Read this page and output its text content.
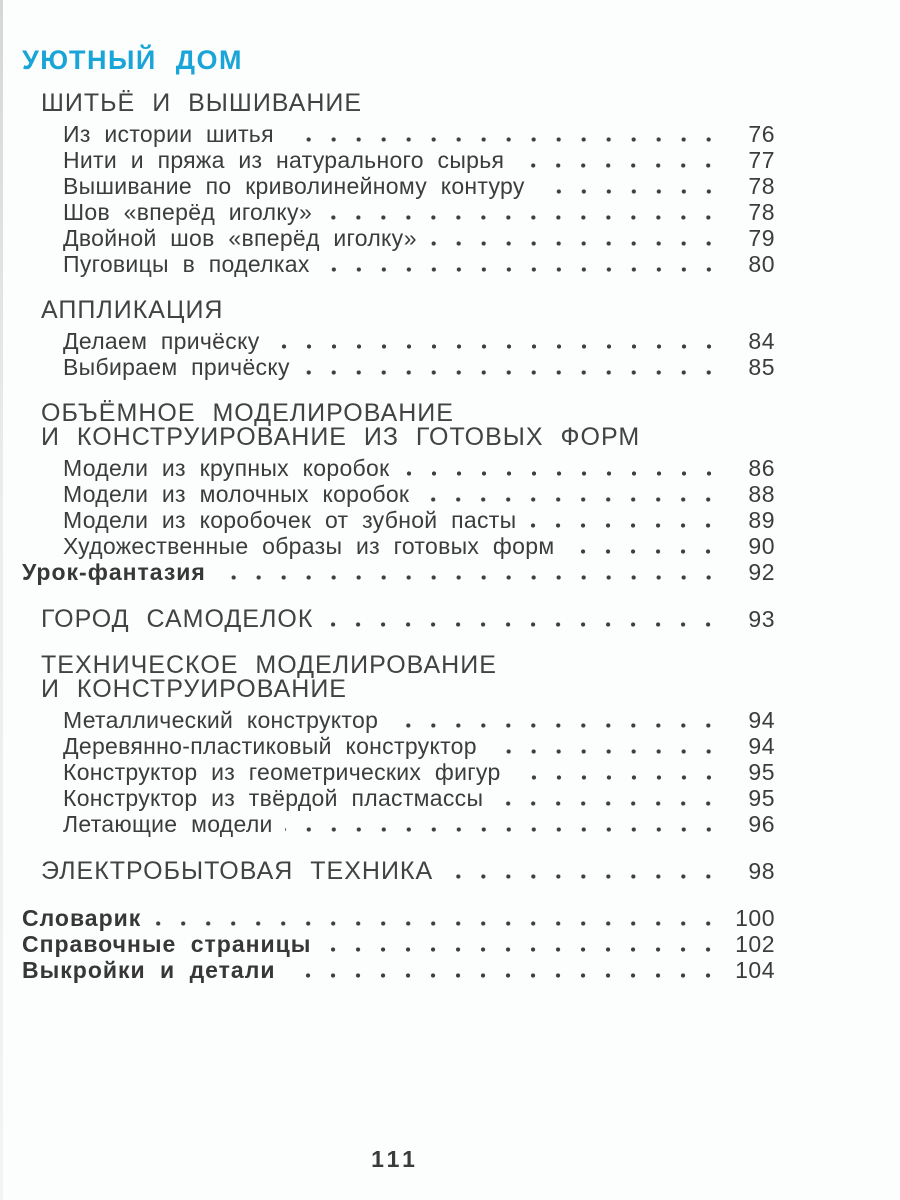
УЮТНЫЙ ДОМ
ШИТЬЁ И ВЫШИВАНИЕ
Из истории шитья	76
Нити и пряжа из натурального сырья	77
Вышивание по криволинейному контуру	78
Шов «вперёд иголку»	78
Двойной шов «вперёд иголку»	79
Пуговицы в поделках	80
АППЛИКАЦИЯ
Делаем причёску	84
Выбираем причёску	85
ОБЪЁМНОЕ МОДЕЛИРОВАНИЕ
И КОНСТРУИРОВАНИЕ ИЗ ГОТОВЫХ ФОРМ
Модели из крупных коробок	86
Модели из молочных коробок	88
Модели из коробочек от зубной пасты	89
Художественные образы из готовых форм	90
Урок-фантазия	92
ГОРОД САМОДЕЛОК	93
ТЕХНИЧЕСКОЕ МОДЕЛИРОВАНИЕ
И КОНСТРУИРОВАНИЕ
Металлический конструктор	94
Деревянно-пластиковый конструктор	94
Конструктор из геометрических фигур	95
Конструктор из твёрдой пластмассы	95
Летающие модели	96
ЭЛЕКТРОБЫТОВАЯ ТЕХНИКА	98
Словарик	100
Справочные страницы	102
Выкройки и детали	104
111
